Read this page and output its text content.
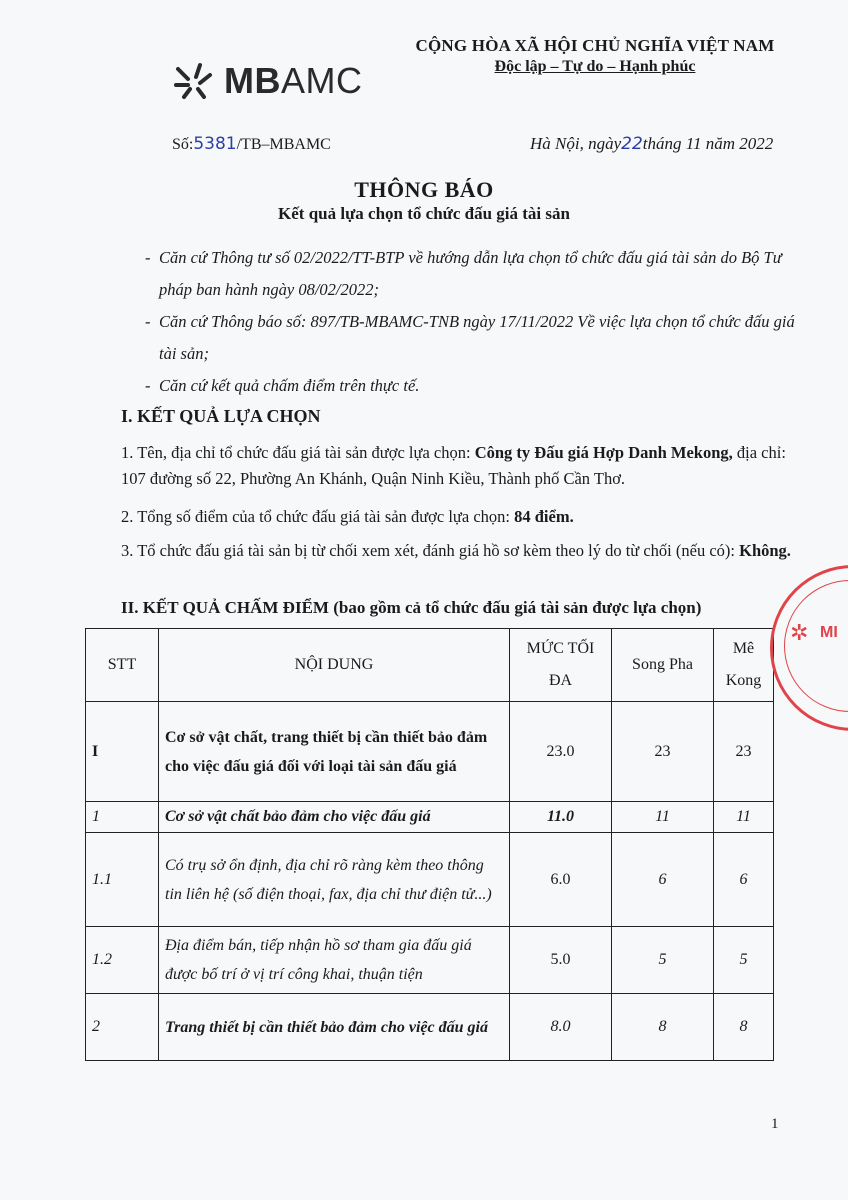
MBAMC
CỘNG HÒA XÃ HỘI CHỦ NGHĨA VIỆT NAM
Độc lập – Tự do – Hạnh phúc
Số:5381/TB–MBAMC	Hà Nội, ngày22tháng 11 năm 2022
THÔNG BÁO
Kết quả lựa chọn tổ chức đấu giá tài sản
- Căn cứ Thông tư số 02/2022/TT-BTP về hướng dẫn lựa chọn tổ chức đấu giá tài sản do Bộ Tư pháp ban hành ngày 08/02/2022;
- Căn cứ Thông báo số: 897/TB-MBAMC-TNB ngày 17/11/2022 Về việc lựa chọn tổ chức đấu giá tài sản;
- Căn cứ kết quả chấm điểm trên thực tế.
I. KẾT QUẢ LỰA CHỌN
1. Tên, địa chỉ tổ chức đấu giá tài sản được lựa chọn: Công ty Đấu giá Hợp Danh Mekong, địa chỉ: 107 đường số 22, Phường An Khánh, Quận Ninh Kiều, Thành phố Cần Thơ.
2. Tổng số điểm của tổ chức đấu giá tài sản được lựa chọn: 84 điểm.
3. Tổ chức đấu giá tài sản bị từ chối xem xét, đánh giá hồ sơ kèm theo lý do từ chối (nếu có): Không.
II. KẾT QUẢ CHẤM ĐIỂM (bao gồm cả tổ chức đấu giá tài sản được lựa chọn)
STT	NỘI DUNG	MỨC TỐI ĐA	Song Pha	Mê Kong
I	Cơ sở vật chất, trang thiết bị cần thiết bảo đảm cho việc đấu giá đối với loại tài sản đấu giá	23.0	23	23
1	Cơ sở vật chất bảo đảm cho việc đấu giá	11.0	11	11
1.1	Có trụ sở ổn định, địa chỉ rõ ràng kèm theo thông tin liên hệ (số điện thoại, fax, địa chỉ thư điện tử...)	6.0	6	6
1.2	Địa điểm bán, tiếp nhận hồ sơ tham gia đấu giá được bố trí ở vị trí công khai, thuận tiện	5.0	5	5
2	Trang thiết bị cần thiết bảo đảm cho việc đấu giá	8.0	8	8
✲ MI
1
